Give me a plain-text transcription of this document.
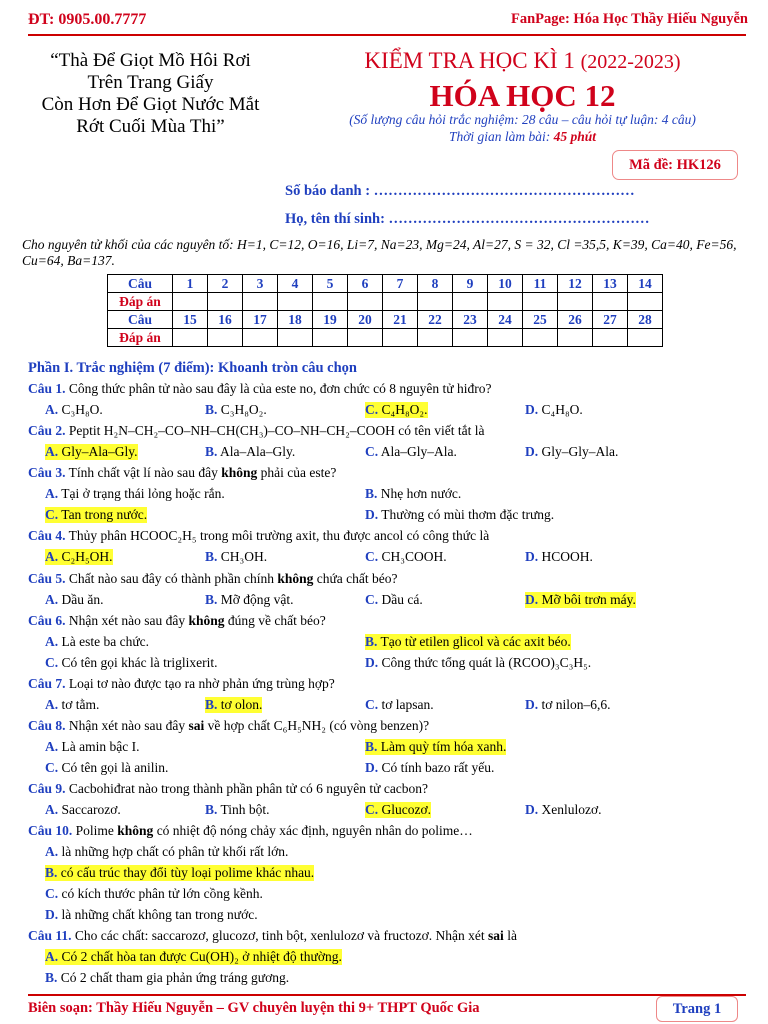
ĐT: 0905.00.7777	FanPage: Hóa Học Thầy Hiếu Nguyễn
“Thà Để Giọt Mồ Hôi Rơi
Trên Trang Giấy
Còn Hơn Để Giọt Nước Mắt
Rớt Cuối Mùa Thi”
KIỂM TRA HỌC KÌ 1 (2022-2023)
HÓA HỌC 12
(Số lượng câu hỏi trắc nghiệm: 28 câu – câu hỏi tự luận: 4 câu)
Thời gian làm bài: 45 phút
Mã đề: HK126
Số báo danh : ………………………………………………
Họ, tên thí sinh: ………………………………………………
Cho nguyên tử khối của các nguyên tố: H=1, C=12, O=16, Li=7, Na=23, Mg=24, Al=27, S = 32, Cl =35,5, K=39, Ca=40, Fe=56, Cu=64, Ba=137.
Câu	1	2	3	4	5	6	7	8	9	10	11	12	13	14
Đáp án														
Câu	15	16	17	18	19	20	21	22	23	24	25	26	27	28
Đáp án														
Phần I. Trắc nghiệm (7 điểm): Khoanh tròn câu chọn
Câu 1. Công thức phân tử nào sau đây là của este no, đơn chức có 8 nguyên tử hiđro?
A. C₃H₈O.	B. C₃H₈O₂.	C. C₄H₈O₂.	D. C₄H₈O.
Câu 2. Peptit H₂N–CH₂–CO–NH–CH(CH₃)–CO–NH–CH₂–COOH có tên viết tắt là
A. Gly–Ala–Gly.	B. Ala–Ala–Gly.	C. Ala–Gly–Ala.	D. Gly–Gly–Ala.
Câu 3. Tính chất vật lí nào sau đây không phải của este?
A. Tại ở trạng thái lỏng hoặc rắn.	B. Nhẹ hơn nước.
C. Tan trong nước.	D. Thường có mùi thơm đặc trưng.
Câu 4. Thủy phân HCOOC₂H₅ trong môi trường axit, thu được ancol có công thức là
A. C₂H₅OH.	B. CH₃OH.	C. CH₃COOH.	D. HCOOH.
Câu 5. Chất nào sau đây có thành phần chính không chứa chất béo?
A. Dầu ăn.	B. Mỡ động vật.	C. Dầu cá.	D. Mỡ bôi trơn máy.
Câu 6. Nhận xét nào sau đây không đúng về chất béo?
A. Là este ba chức.	B. Tạo từ etilen glicol và các axit béo.
C. Có tên gọi khác là triglixerit.	D. Công thức tổng quát là (RCOO)₃C₃H₅.
Câu 7. Loại tơ nào được tạo ra nhờ phản ứng trùng hợp?
A. tơ tằm.	B. tơ olon.	C. tơ lapsan.	D. tơ nilon–6,6.
Câu 8. Nhận xét nào sau đây sai về hợp chất C₆H₅NH₂ (có vòng benzen)?
A. Là amin bậc I.	B. Làm quỳ tím hóa xanh.
C. Có tên gọi là anilin.	D. Có tính bazo rất yếu.
Câu 9. Cacbohiđrat nào trong thành phần phân tử có 6 nguyên tử cacbon?
A. Saccarozơ.	B. Tinh bột.	C. Glucozơ.	D. Xenlulozơ.
Câu 10. Polime không có nhiệt độ nóng chảy xác định, nguyên nhân do polime…
A. là những hợp chất có phân tử khối rất lớn.
B. có cấu trúc thay đổi tùy loại polime khác nhau.
C. có kích thước phân tử lớn cồng kềnh.
D. là những chất không tan trong nước.
Câu 11. Cho các chất: saccarozơ, glucozơ, tinh bột, xenlulozơ và fructozơ. Nhận xét sai là
A. Có 2 chất hòa tan được Cu(OH)₂ ở nhiệt độ thường.
B. Có 2 chất tham gia phản ứng tráng gương.
Biên soạn: Thầy Hiếu Nguyễn – GV chuyên luyện thi 9+ THPT Quốc Gia	Trang 1
